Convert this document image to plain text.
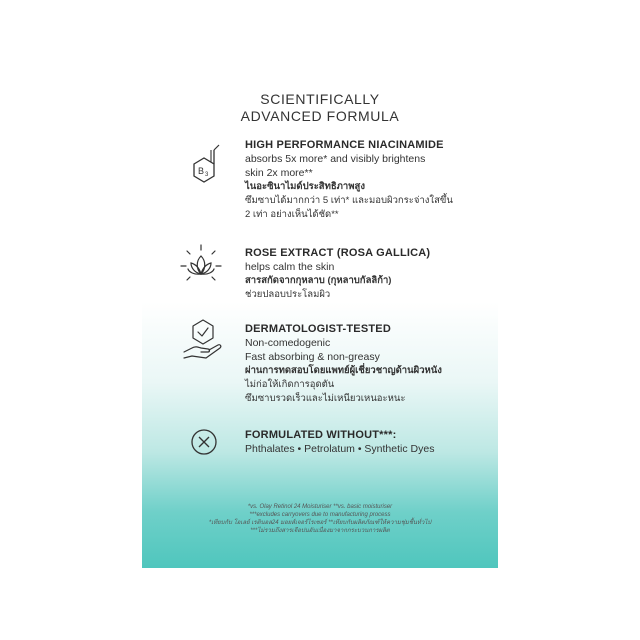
SCIENTIFICALLY
ADVANCED FORMULA
B 3
HIGH PERFORMANCE NIACINAMIDE
absorbs 5x more* and visibly brightens
skin 2x more**
ไนอะซินาไมด์ประสิทธิภาพสูง
ซึมซาบได้มากกว่า 5 เท่า* และมอบผิวกระจ่างใสขึ้น
2 เท่า อย่างเห็นได้ชัด**
ROSE EXTRACT (ROSA GALLICA)
helps calm the skin
สารสกัดจากกุหลาบ (กุหลาบกัลลิก้า)
ช่วยปลอบประโลมผิว
DERMATOLOGIST-TESTED
Non-comedogenic
Fast absorbing & non-greasy
ผ่านการทดสอบโดยแพทย์ผู้เชี่ยวชาญด้านผิวหนัง
ไม่ก่อให้เกิดการอุดตัน
ซึมซาบรวดเร็วและไม่เหนียวเหนอะหนะ
FORMULATED WITHOUT***:
Phthalates • Petrolatum • Synthetic Dyes
*vs. Olay Retinol 24 Moisturiser **vs. basic moisturiser
***excludes carryovers due to manufacturing process
*เทียบกับ โอเลย์ เรตินอล24 มอยส์เจอร์ไรเซอร์ **เทียบกับผลิตภัณฑ์ให้ความชุ่มชื้นทั่วไป
***ไม่รวมถึงสารเจือปนอันเนื่องมาจากกระบวนการผลิต
